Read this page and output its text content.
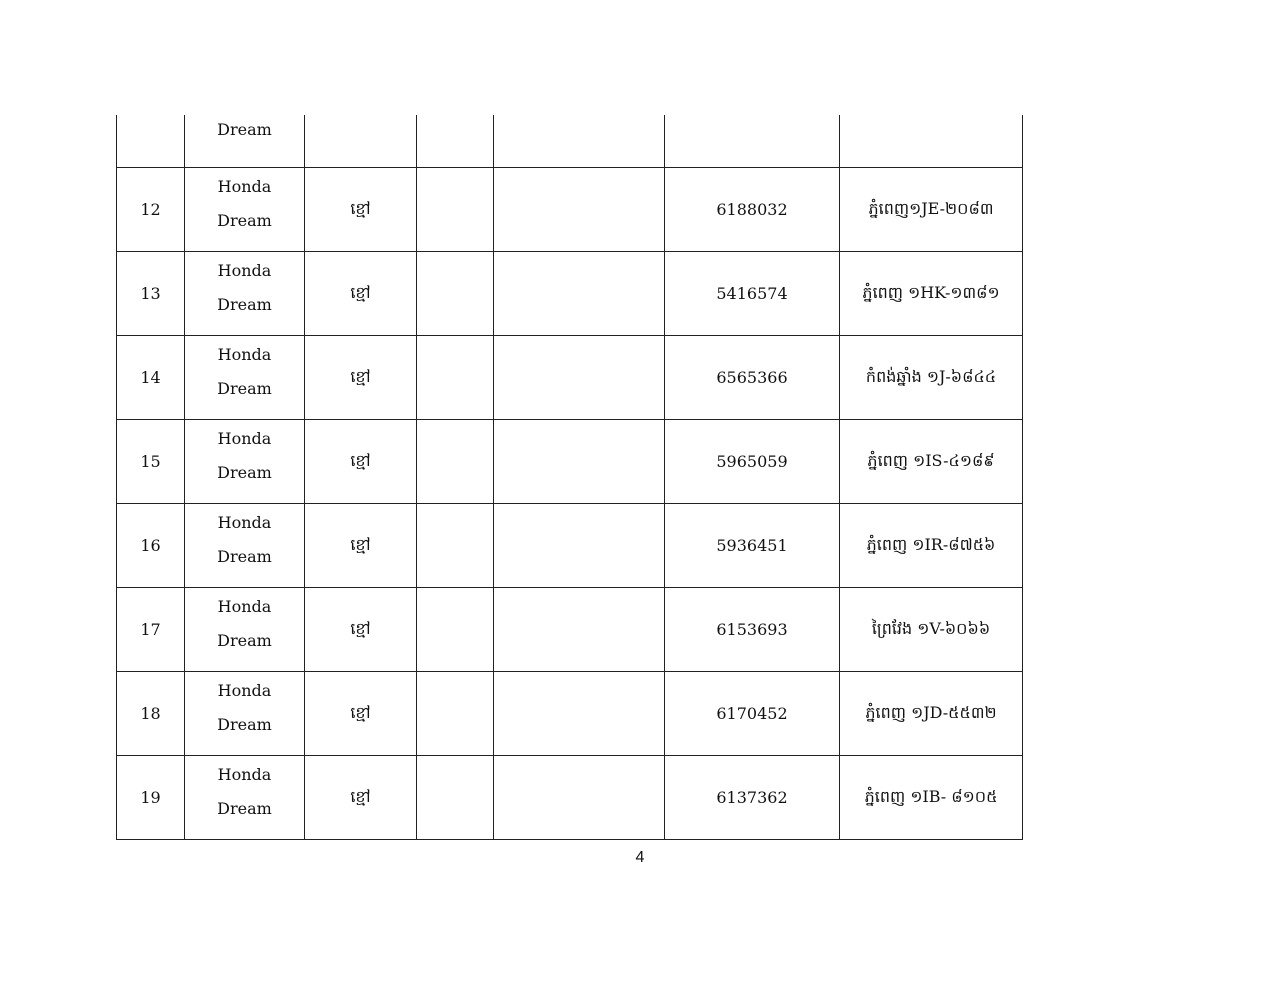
	Dream					

12	Honda
Dream	ខ្មៅ			6188032	ភ្នំពេញ១JE-២០៨៣
13	Honda
Dream	ខ្មៅ			5416574	ភ្នំពេញ ១HK-១៣៨១
14	Honda
Dream	ខ្មៅ			6565366	កំពង់ឆ្នាំង ១J-៦៨៤៤
15	Honda
Dream	ខ្មៅ			5965059	ភ្នំពេញ ១IS-៤១៨៩
16	Honda
Dream	ខ្មៅ			5936451	ភ្នំពេញ ១IR-៨៧៥៦
17	Honda
Dream	ខ្មៅ			6153693	ព្រៃវែង ១V-៦០៦៦
18	Honda
Dream	ខ្មៅ			6170452	ភ្នំពេញ ១JD-៥៥៣២
19	Honda
Dream	ខ្មៅ			6137362	ភ្នំពេញ ១IB- ៨១០៥
4
